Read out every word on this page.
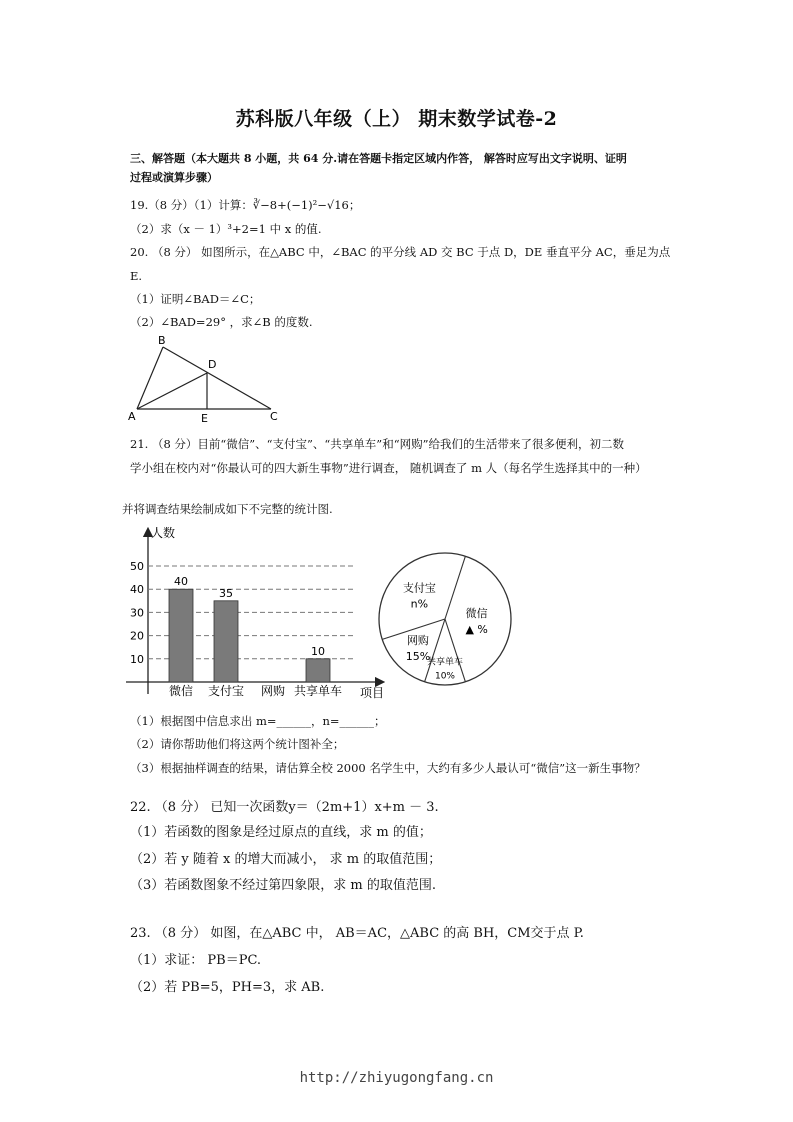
苏科版八年级（上） 期末数学试卷-2
三、解答题（本大题共 8 小题，共 64 分.请在答题卡指定区域内作答， 解答时应写出文字说明、证明
过程或演算步骤）
19.（8 分）（1）计算：∛−8+(−1)²−√16；
（2）求（x － 1）³+2=1 中 x 的值.
20. （8 分） 如图所示，在△ABC 中，∠BAC 的平分线 AD 交 BC 于点 D，DE 垂直平分 AC，垂足为点
E.
（1）证明∠BAD＝∠C；
（2）∠BAD=29° ，求∠B 的度数.
B
D
A	E	C
21. （8 分）目前“微信”、“支付宝”、“共享单车”和“网购”给我们的生活带来了很多便利，初二数
学小组在校内对“你最认可的四大新生事物”进行调查， 随机调查了 m 人（每名学生选择其中的一种）
并将调查结果绘制成如下不完整的统计图.
人数
项目
10
20
30
40
50
40
微信
35
支付宝 网购
10
共享单车
微信
▲ %
共享单车
10%
网购
15%
支付宝
n%
（1）根据图中信息求出 m=______，n=______；
（2）请你帮助他们将这两个统计图补全；
（3）根据抽样调查的结果，请估算全校 2000 名学生中，大约有多少人最认可“微信”这一新生事物？
22. （8 分） 已知一次函数y＝（2m+1）x+m － 3.
（1）若函数的图象是经过原点的直线，求 m 的值；
（2）若 y 随着 x 的增大而减小， 求 m 的取值范围；
（3）若函数图象不经过第四象限，求 m 的取值范围.
23. （8 分） 如图，在△ABC 中， AB＝AC，△ABC 的高 BH，CM交于点 P.
（1）求证： PB＝PC.
（2）若 PB=5，PH=3，求 AB.
http://zhiyugongfang.cn
